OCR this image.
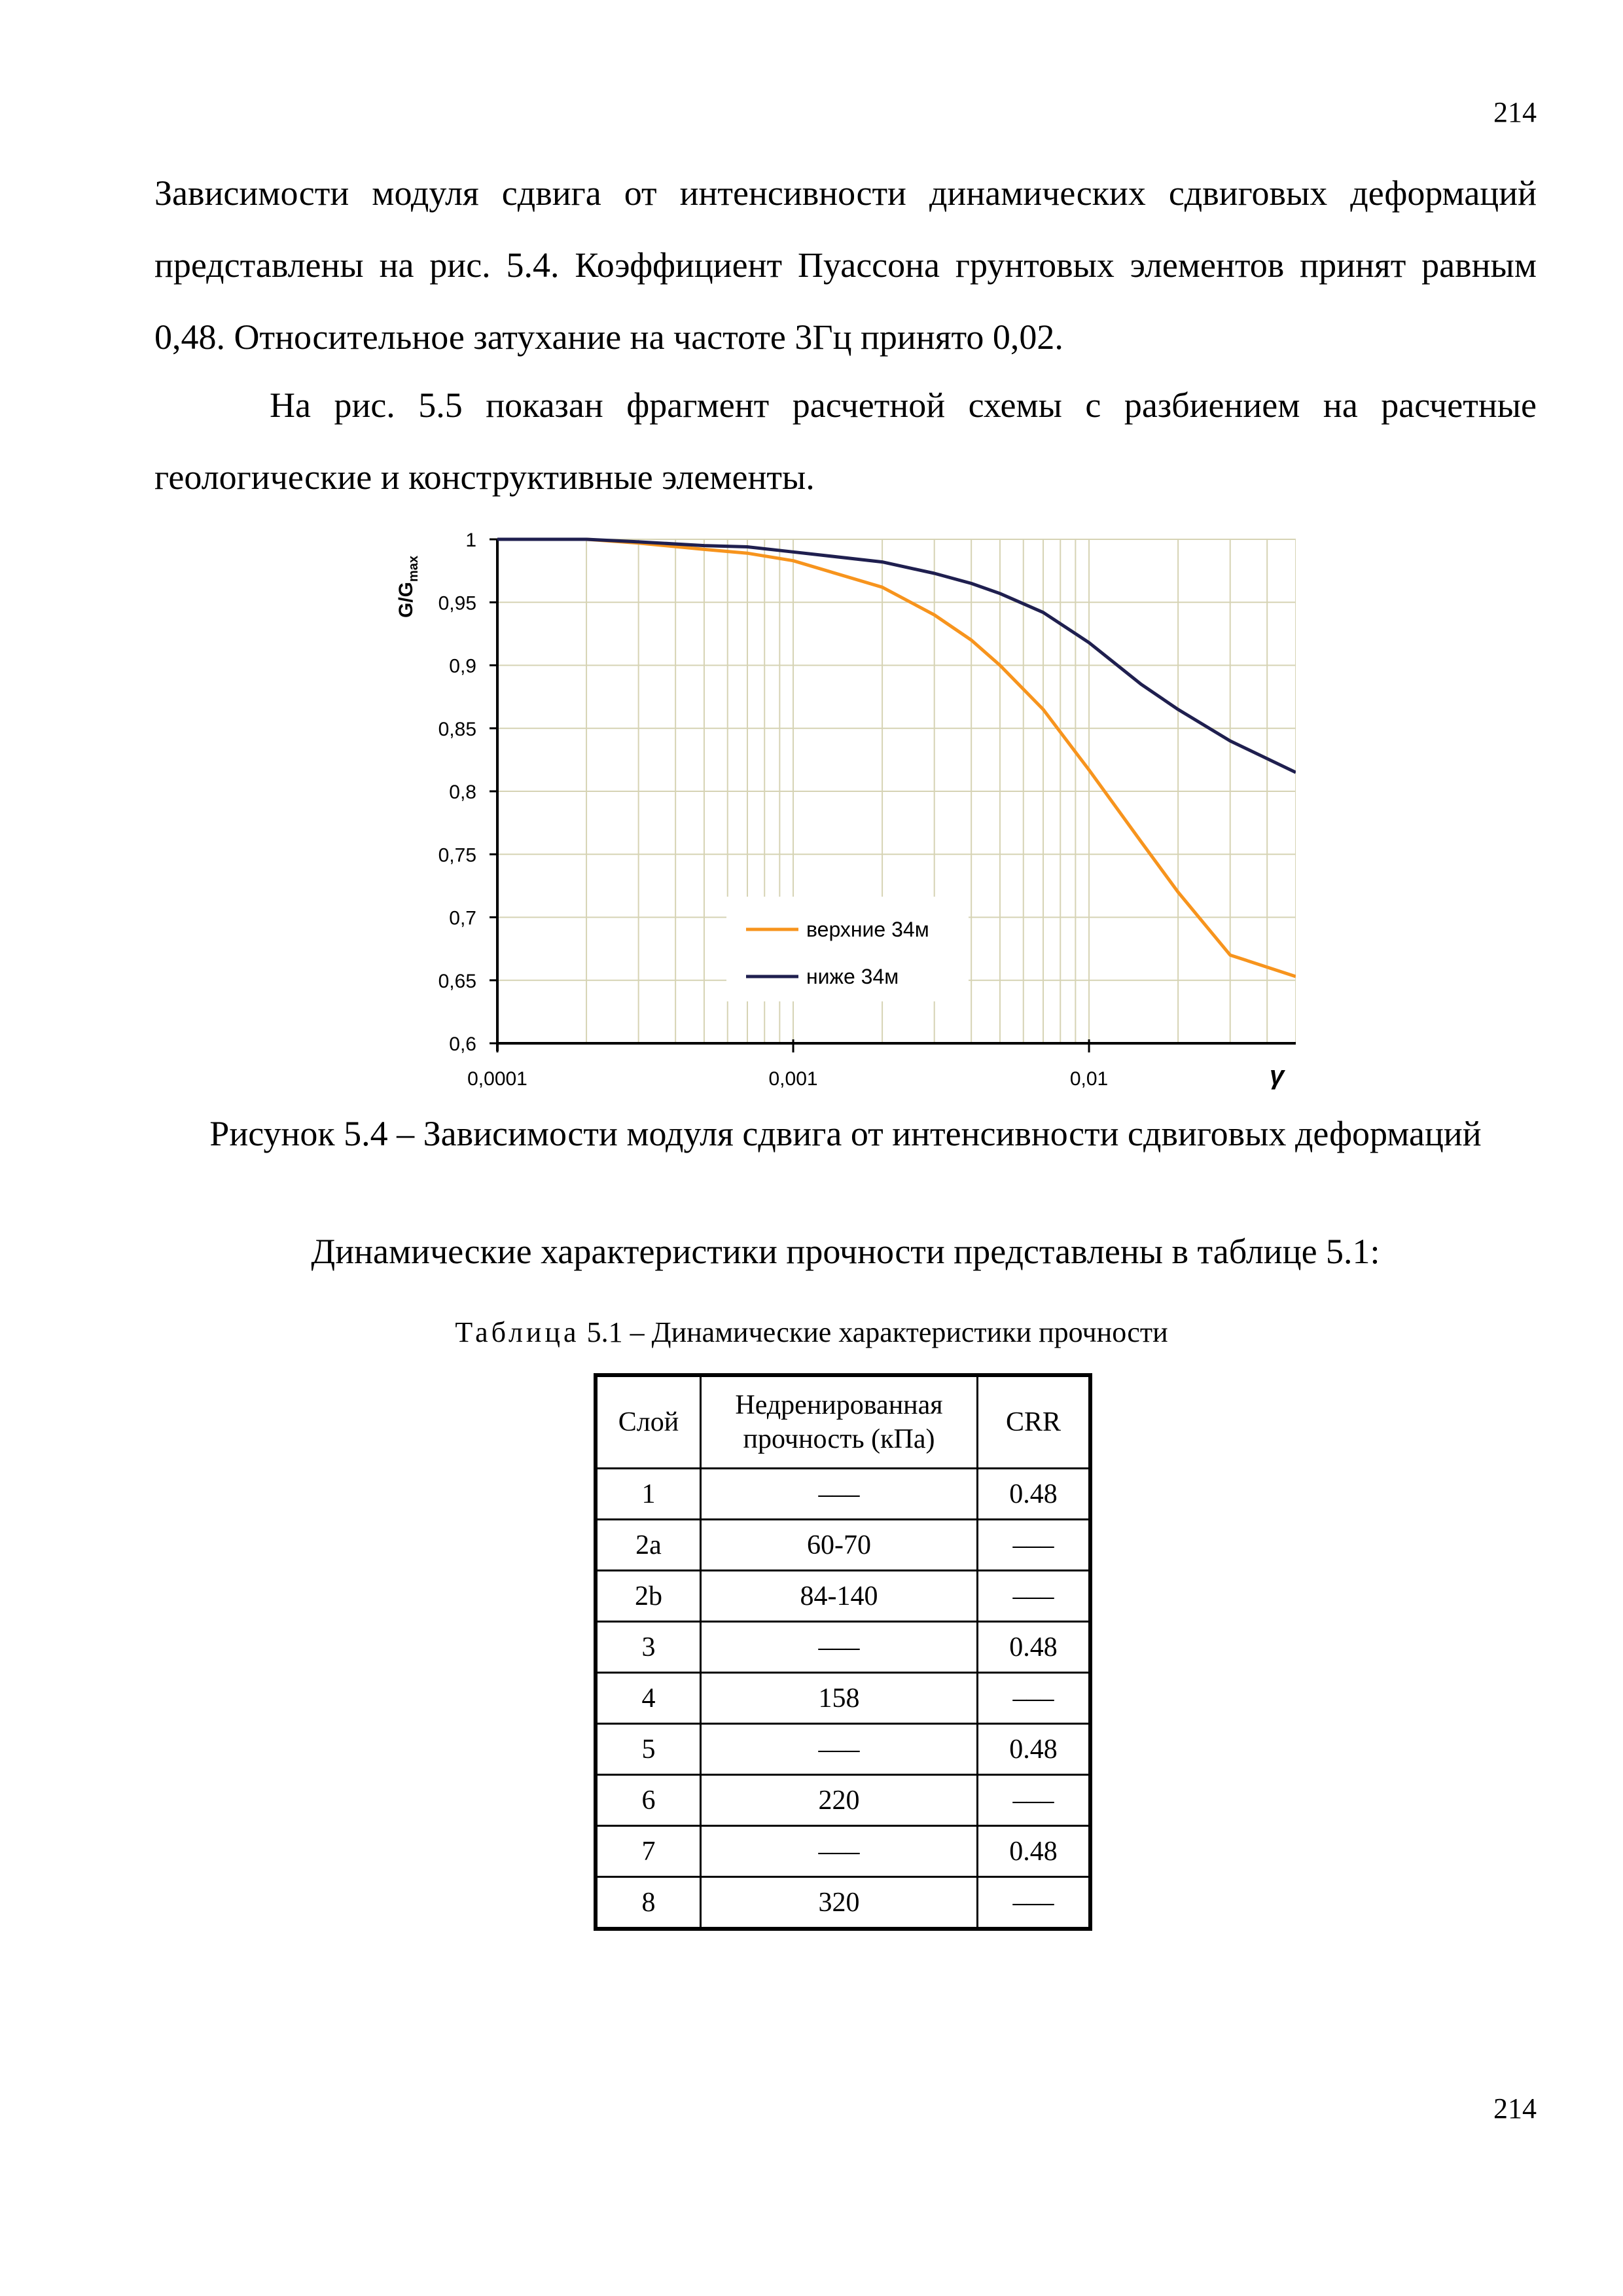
214

Зависимости модуля сдвига от интенсивности динамических сдвиговых деформаций представлены на рис. 5.4. Коэффициент Пуассона грунтовых элементов принят равным 0,48. Относительное затухание на частоте 3Гц принято 0,02.

На рис. 5.5 показан фрагмент расчетной схемы с разбиением на расчетные геологические и конструктивные элементы.

верхние 34м
ниже 34м
0,6
0,65
0,7
0,75
0,8
0,85
0,9
0,95
1
0,0001	0,001	0,01	γ
$G/G_{max}$
Рисунок 5.4 – Зависимости модуля сдвига от интенсивности сдвиговых деформаций
Динамические характеристики прочности представлены в таблице 5.1:
Таблица 5.1 – Динамические характеристики прочности
Слой	Недренированная прочность (кПа)	CRR
1	–––	0.48
2a	60-70	–––
2b	84-140	–––
3	–––	0.48
4	158	–––
5	–––	0.48
6	220	–––
7	–––	0.48
8	320	–––
214
